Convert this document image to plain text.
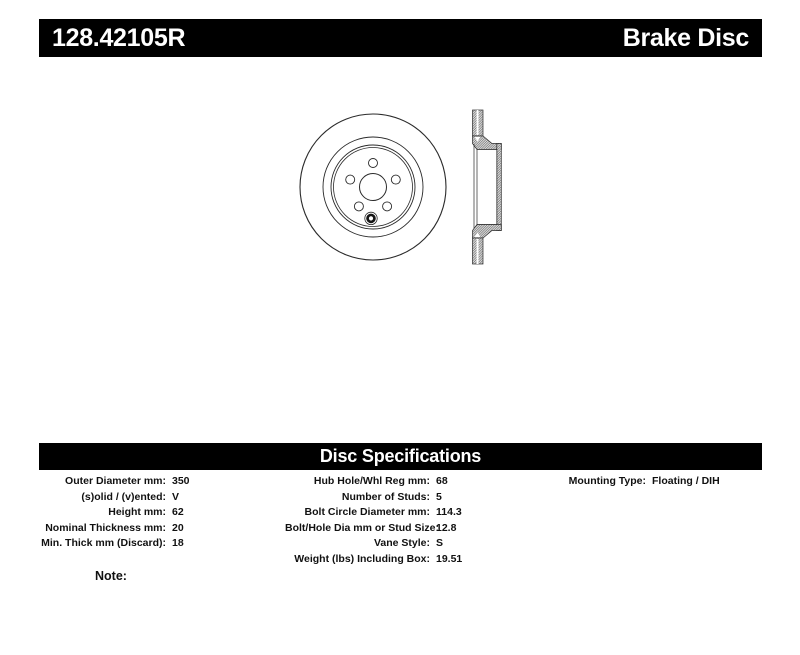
128.42105R	Brake Disc
Disc Specifications
Outer Diameter mm: 350
(s)olid / (v)ented: V
Height mm: 62
Nominal Thickness mm: 20
Min. Thick mm (Discard): 18
Hub Hole/Whl Reg mm: 68
Number of Studs: 5
Bolt Circle Diameter mm: 114.3
Bolt/Hole Dia mm or Stud Size:
12.8
Vane Style: S
Weight (lbs) Including Box: 19.51
Mounting Type: Floating / DIH
Note:
